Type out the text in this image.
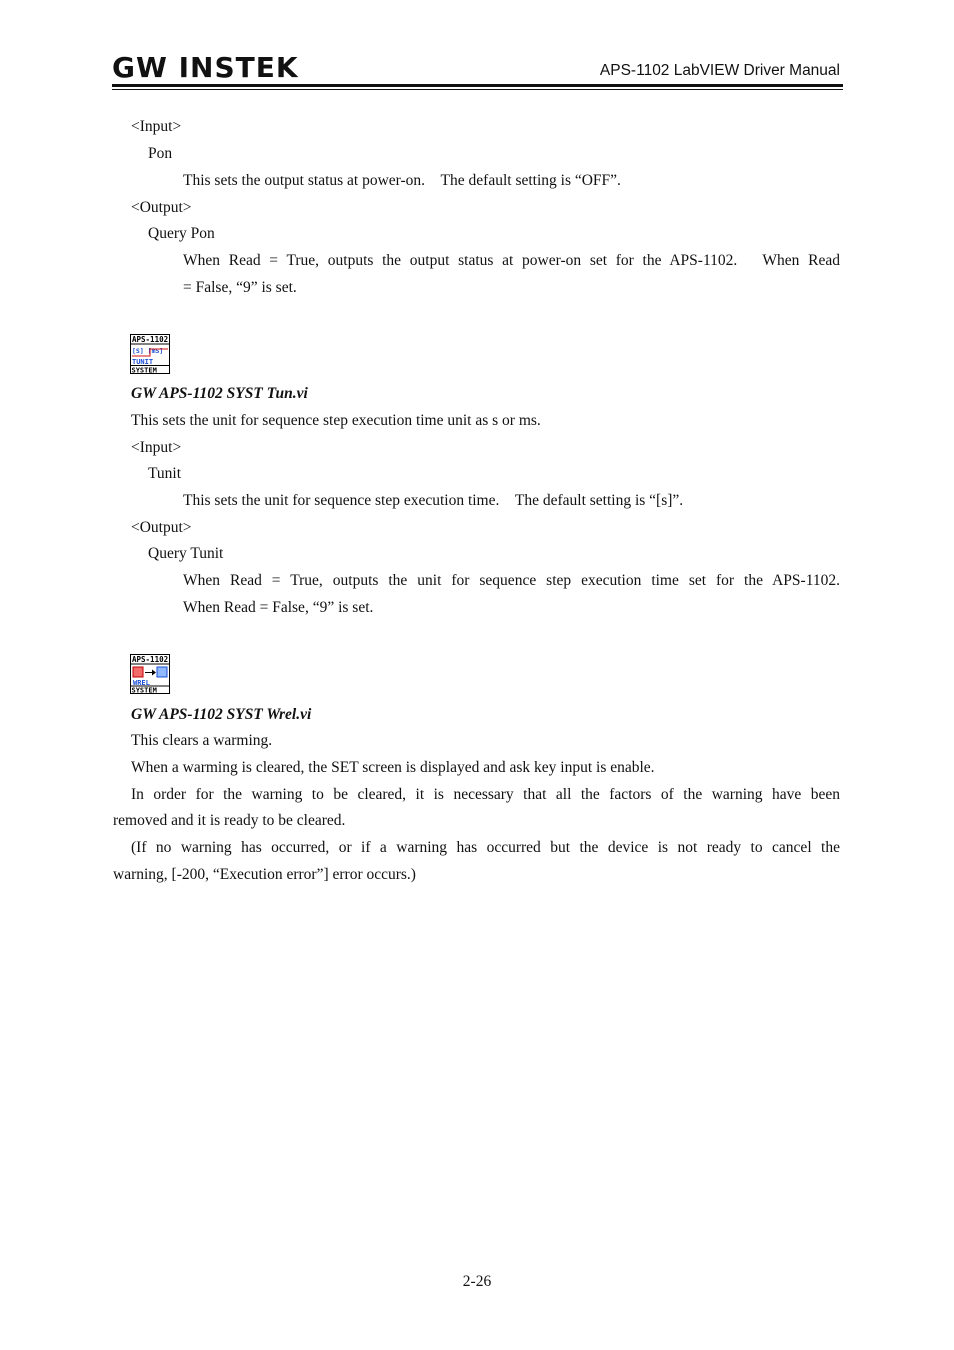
GW INSTEK	APS-1102 LabVIEW Driver Manual
<Input>
Pon
This sets the output status at power-on.　The default setting is “OFF”.
<Output>
Query Pon
When Read = True, outputs the output status at power-on set for the APS-1102.　When Read
= False, “9” is set.
APS-1102
[S] [mS]
TUNIT
SYSTEM
GW APS-1102 SYST Tun.vi
This sets the unit for sequence step execution time unit as s or ms.
<Input>
Tunit
This sets the unit for sequence step execution time.　The default setting is “[s]”.
<Output>
Query Tunit
When Read = True, outputs the unit for sequence step execution time set for the APS-1102.
When Read = False, “9” is set.
APS-1102
WREL
SYSTEM
GW APS-1102 SYST Wrel.vi
This clears a warming.
When a warming is cleared, the SET screen is displayed and ask key input is enable.
In order for the warning to be cleared, it is necessary that all the factors of the warning have been
removed and it is ready to be cleared.
(If no warning has occurred, or if a warning has occurred but the device is not ready to cancel the
warning, [-200, “Execution error”] error occurs.)
2-26
